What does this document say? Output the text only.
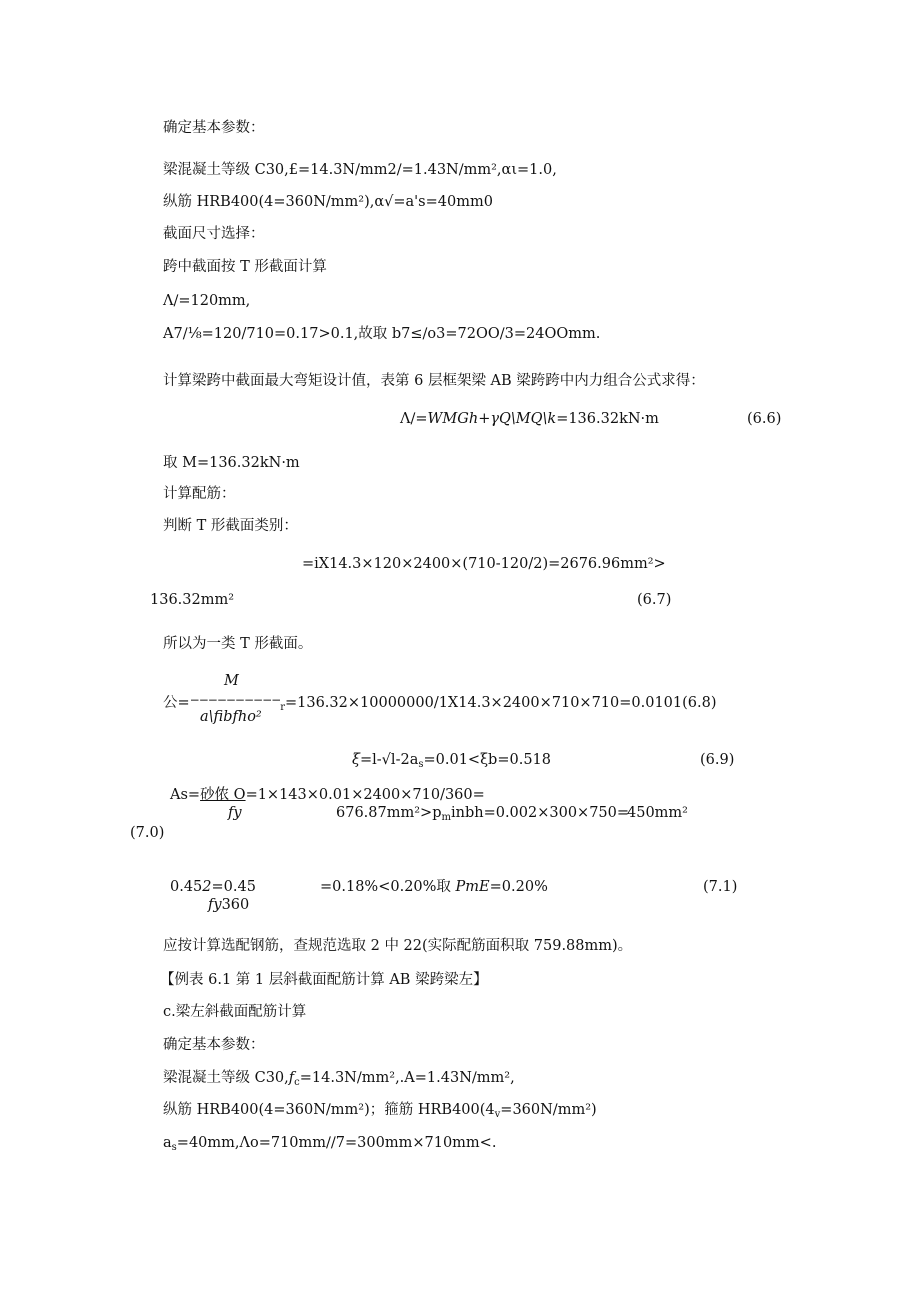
确定基本参数：
梁混凝土等级 C30,£=14.3N∕mm2∕=1.43N∕mm²,αι=1.0,
纵筋 HRB400(4=360N∕mm²),α√=a's=40mm0
截面尺寸选择：
跨中截面按 T 形截面计算
Λ∕=120mm,
A7∕⅛=120/710=0.17>0.1,故取 b7≤∕o3=72OO∕3=24OOmm.
计算梁跨中截面最大弯矩设计值，表第 6 层框架梁 AB 梁跨跨中内力组合公式求得：
Λ∕=WMGh+γQ\MQ\k=136.32kN·m	(6.6)
取 M=136.32kN·m
计算配筋：
判断 T 形截面类别：
=iX14.3×120×2400×(710-120/2)=2676.96mm²>
136.32mm²	(6.7)
所以为一类 T 形截面。
M
公$=^{----------}_r=136.32\times 10000000/1X14.3\times 2400\times 710\times 710=0.0101(6.8)$
a\fibfho²
$\xi=l-√l-2a_s=0.01<\xi b=0.518$	(6.9)
As=砂侬 O=1×143×0.01×2400×710/360=
fy	$676.87mm^2>p_minbh=0.002\times 300\times 750=$
450mm²
(7.0)
0.452=0.45	=0.18%<0.20%取 PmE=0.20%	(7.1)
fy360
应按计算选配钢筋，查规范选取 2 中 22(实际配筋面积取 759.88mm)。
【例表 6.1 第 1 层斜截面配筋计算 AB 梁跨梁左】
c.梁左斜截面配筋计算
确定基本参数：
梁混凝土等级 $C30,f_c=14.3N∕mm^2,.A=1.43N∕mm^2$,
纵筋 HRB400(4=360N∕mm²)；箍筋 $HRB400(4_v=360N∕mm^2)$
$a_s=40mm,\Lambda o=710mm∕∕7=300mm\times 710mm<$.
